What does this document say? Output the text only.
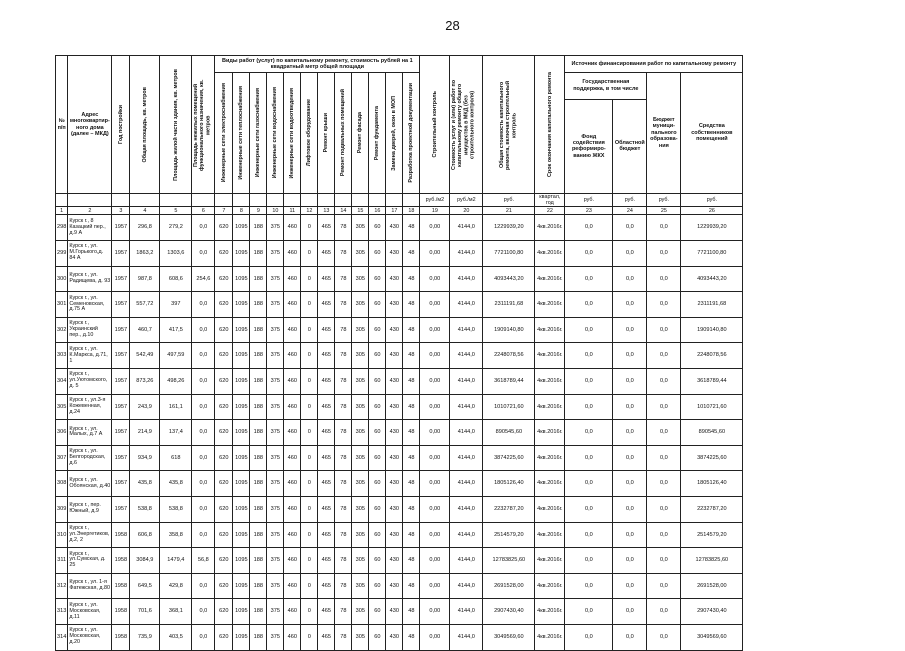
28
№ п/п	Адрес многоквартир-ного дома (далее – МКД)	Год постройки	Общая площадь, кв. метров	Площадь жилой части здания, кв. метров	Площадь нежилых помещений функционального назначения, кв. метров	Виды работ (услуг) по капитальному ремонту, стоимость рублей на 1 квадратный метр общей площади												Строительный контроль	Стоимость услуг и (или) работ по капитальному ремонту общего имущества в МКД (без строительного контроля)	Общая стоимость капитального ремонта, включая строительный контроль	Срок окончания капитального ремонта	Источник финансирования работ по капитальному ремонту			

						Инженерные сети электроснабжения	Инженерные сети теплоснабжения	Инженерные сети газоснабжения	Инженерные сети водоснабжения	Инженерные сети водоотведения	Лифтовое оборудование	Ремонт крыши	Ремонт подвальных помещений	Ремонт фасада	Ремонт фундамента	Замена дверей, окон в МОП	Разработка проектной документации					Государственная поддержка, в том числе		Бюджет муници-пального образова-ния	Средства собственников помещений
																						Фонд содействия реформиро-ванию ЖКХ	Областной бюджет		
																		руб./м2	руб./м2	руб.	квартал, год	руб.	руб.	руб.	руб.
1	2	3	4	5	6	7	8	9	10	11	12	13	14	15	16	17	18	19	20	21	22	23	24	25	26
298	Курск г., 8 Казацкий пер., д.9 А	1957	296,8	279,2	0,0	620	1095	188	375	460	0	465	78	305	60	430	48	0,00	4144,0	1229939,20	4кв.2016г.	0,0	0,0	0,0	1229939,20
299	Курск г., ул. М.Горького,д. 84 А	1957	1863,2	1303,6	0,0	620	1095	188	375	460	0	465	78	305	60	430	48	0,00	4144,0	7721100,80	4кв.2016г.	0,0	0,0	0,0	7721100,80
300	Курск г., ул. Радищева, д. 93	1957	987,8	608,6	254,6	620	1095	188	375	460	0	465	78	305	60	430	48	0,00	4144,0	4093443,20	4кв.2016г.	0,0	0,0	0,0	4093443,20
301	Курск г., ул. Семеновская, д.75 А	1957	557,72	397	0,0	620	1095	188	375	460	0	465	78	305	60	430	48	0,00	4144,0	2311191,68	4кв.2016г.	0,0	0,0	0,0	2311191,68
302	Курск г., Украинский пер., д.10	1957	460,7	417,5	0,0	620	1095	188	375	460	0	465	78	305	60	430	48	0,00	4144,0	1909140,80	4кв.2016г.	0,0	0,0	0,0	1909140,80
303	Курск г., ул. К.Маркса, д.71, 1	1957	542,49	497,59	0,0	620	1095	188	375	460	0	465	78	305	60	430	48	0,00	4144,0	2248078,56	4кв.2016г.	0,0	0,0	0,0	2248078,56
304	Курск г., ул.Уютомского, д. 5	1957	873,26	498,26	0,0	620	1095	188	375	460	0	465	78	305	60	430	48	0,00	4144,0	3618789,44	4кв.2016г.	0,0	0,0	0,0	3618789,44
305	Курск г., ул.3-я Кожевенная, д.24	1957	243,9	161,1	0,0	620	1095	188	375	460	0	465	78	305	60	430	48	0,00	4144,0	1010721,60	4кв.2016г.	0,0	0,0	0,0	1010721,60
306	Курск г., ул. Малых, д.7 А	1957	214,9	137,4	0,0	620	1095	188	375	460	0	465	78	305	60	430	48	0,00	4144,0	890545,60	4кв.2016г.	0,0	0,0	0,0	890545,60
307	Курск г., ул. Белгородская, д.6	1957	934,9	618	0,0	620	1095	188	375	460	0	465	78	305	60	430	48	0,00	4144,0	3874225,60	4кв.2016г.	0,0	0,0	0,0	3874225,60
308	Курск г., ул. Обоянская, д.40	1957	435,8	435,8	0,0	620	1095	188	375	460	0	465	78	305	60	430	48	0,00	4144,0	1805126,40	4кв.2016г.	0,0	0,0	0,0	1805126,40
309	Курск г., пер. Южный, д.9	1957	538,8	538,8	0,0	620	1095	188	375	460	0	465	78	305	60	430	48	0,00	4144,0	2232787,20	4кв.2016г.	0,0	0,0	0,0	2232787,20
310	Курск г., ул.Энергетиков, д.2, 2	1958	606,8	358,8	0,0	620	1095	188	375	460	0	465	78	305	60	430	48	0,00	4144,0	2514579,20	4кв.2016г.	0,0	0,0	0,0	2514579,20
311	Курск г., ул.Сумская, д. 25	1958	3084,9	1479,4	56,8	620	1095	188	375	460	0	465	78	305	60	430	48	0,00	4144,0	12783825,60	4кв.2016г.	0,0	0,0	0,0	12783825,60
312	Курск г., ул. 1-я Фатежская, д.80	1958	649,5	429,8	0,0	620	1095	188	375	460	0	465	78	305	60	430	48	0,00	4144,0	2691528,00	4кв.2016г.	0,0	0,0	0,0	2691528,00
313	Курск г., ул. Московская, д.11	1958	701,6	368,1	0,0	620	1095	188	375	460	0	465	78	305	60	430	48	0,00	4144,0	2907430,40	4кв.2016г.	0,0	0,0	0,0	2907430,40
314	Курск г., ул. Московская, д.20	1958	735,9	403,5	0,0	620	1095	188	375	460	0	465	78	305	60	430	48	0,00	4144,0	3049569,60	4кв.2016г.	0,0	0,0	0,0	3049569,60
